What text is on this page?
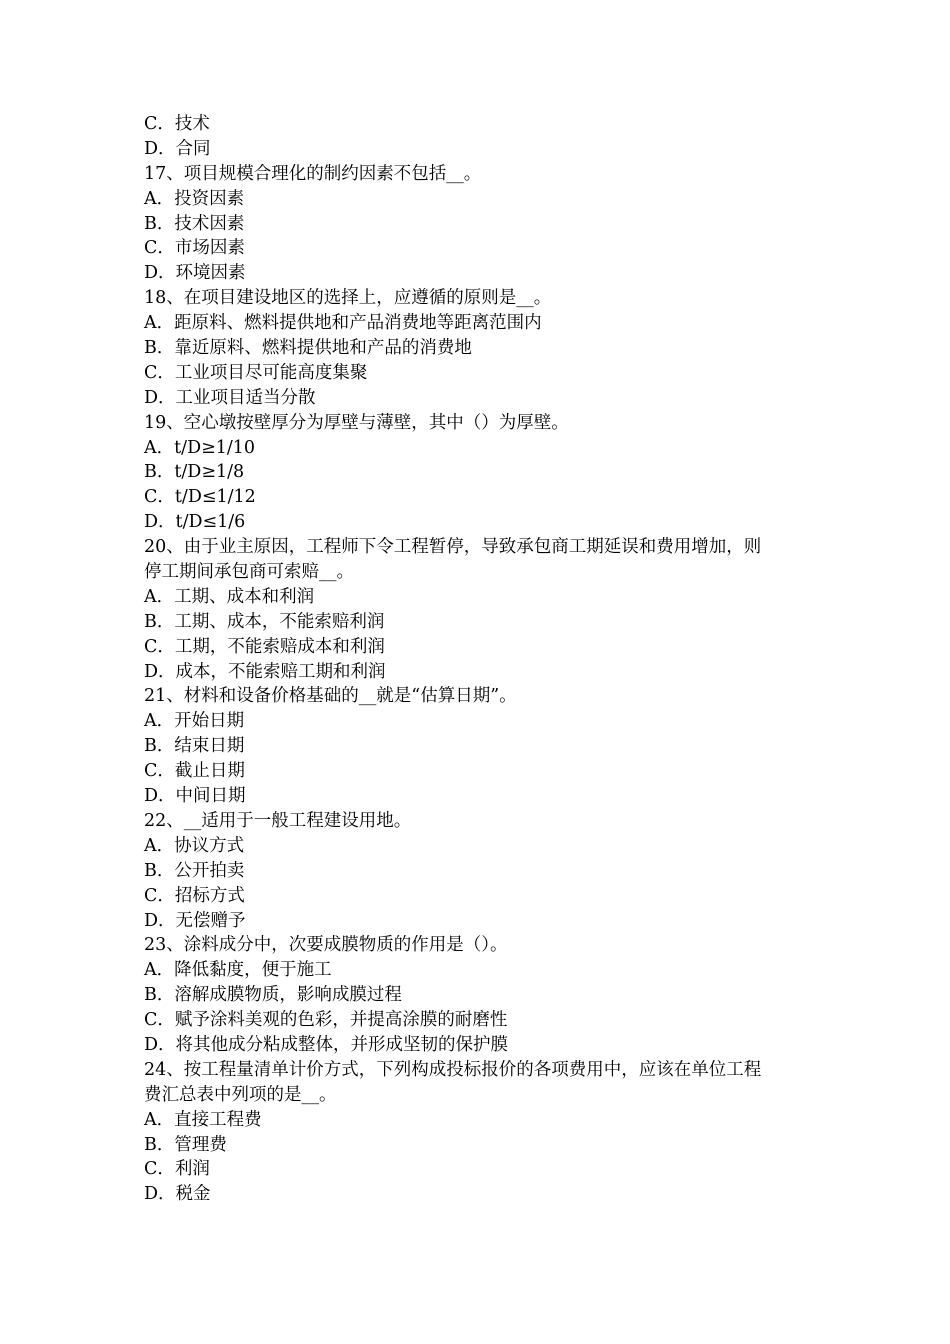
C．技术
D．合同
17、项目规模合理化的制约因素不包括__。
A．投资因素
B．技术因素
C．市场因素
D．环境因素
18、在项目建设地区的选择上，应遵循的原则是__。
A．距原料、燃料提供地和产品消费地等距离范围内
B．靠近原料、燃料提供地和产品的消费地
C．工业项目尽可能高度集聚
D．工业项目适当分散
19、空心墩按壁厚分为厚壁与薄壁，其中（）为厚壁。
A．t/D≥1/10
B．t/D≥1/8
C．t/D≤1/12
D．t/D≤1/6
20、由于业主原因，工程师下令工程暂停，导致承包商工期延误和费用增加，则
停工期间承包商可索赔__。
A．工期、成本和利润
B．工期、成本，不能索赔利润
C．工期，不能索赔成本和利润
D．成本，不能索赔工期和利润
21、材料和设备价格基础的__就是“估算日期”。
A．开始日期
B．结束日期
C．截止日期
D．中间日期
22、__适用于一般工程建设用地。
A．协议方式
B．公开拍卖
C．招标方式
D．无偿赠予
23、涂料成分中，次要成膜物质的作用是（）。
A．降低黏度，便于施工
B．溶解成膜物质，影响成膜过程
C．赋予涂料美观的色彩，并提高涂膜的耐磨性
D．将其他成分粘成整体，并形成坚韧的保护膜
24、按工程量清单计价方式，下列构成投标报价的各项费用中，应该在单位工程
费汇总表中列项的是__。
A．直接工程费
B．管理费
C．利润
D．税金
